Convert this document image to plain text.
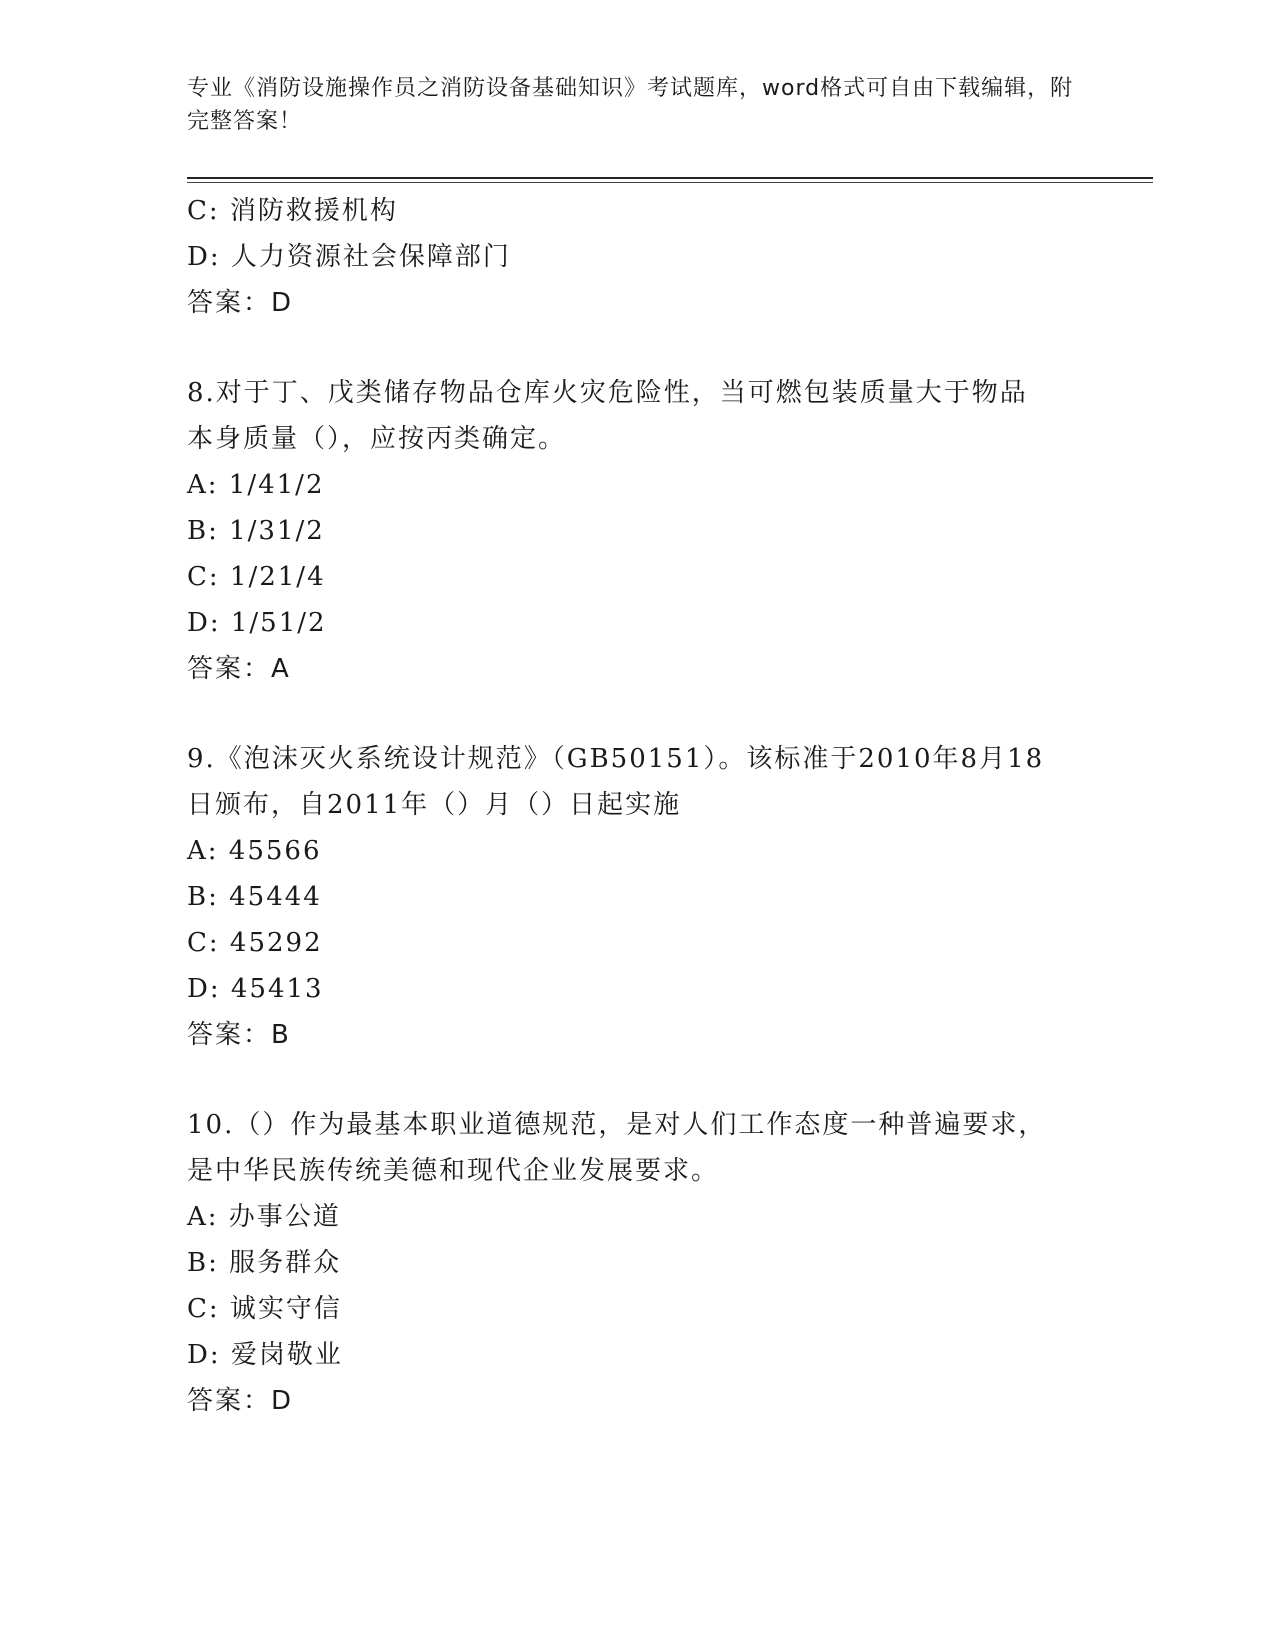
专业《消防设施操作员之消防设备基础知识》考试题库，word格式可自由下载编辑，附完整答案！
C: 消防救援机构
D: 人力资源社会保障部门
答案：D
8.对于丁、戊类储存物品仓库火灾危险性，当可燃包装质量大于物品
本身质量（），应按丙类确定。
A: 1/41/2
B: 1/31/2
C: 1/21/4
D: 1/51/2
答案：A
9.《泡沫灭火系统设计规范》（GB50151）。该标准于2010年8月18
日颁布，自2011年（）月（）日起实施
A: 45566
B: 45444
C: 45292
D: 45413
答案：B
10.（）作为最基本职业道德规范，是对人们工作态度一种普遍要求，
是中华民族传统美德和现代企业发展要求。
A: 办事公道
B: 服务群众
C: 诚实守信
D: 爱岗敬业
答案：D
